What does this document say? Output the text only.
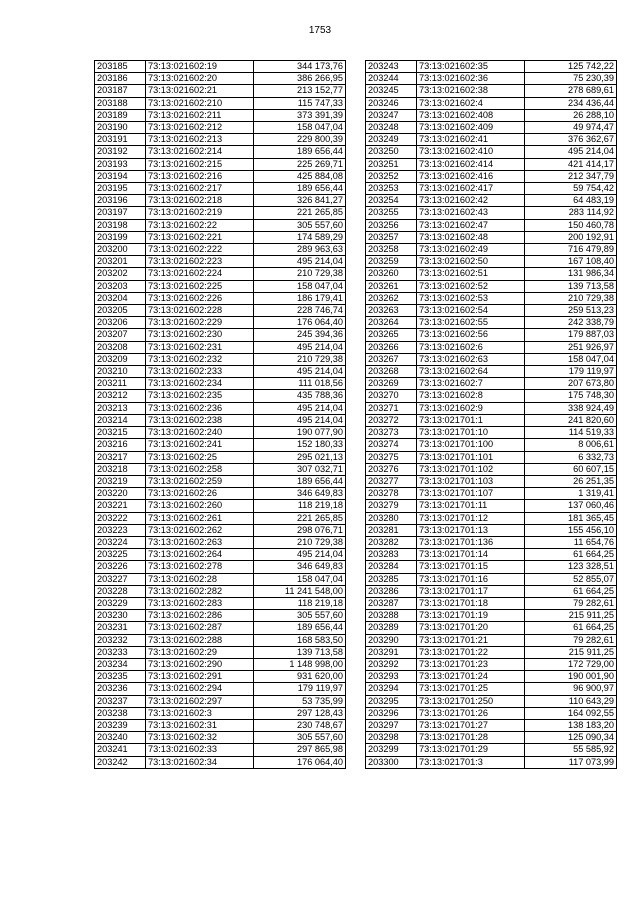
1753
203185	73:13:021602:19	344 173,76
203186	73:13:021602:20	386 266,95
203187	73:13:021602:21	213 152,77
203188	73:13:021602:210	115 747,33
203189	73:13:021602:211	373 391,39
203190	73:13:021602:212	158 047,04
203191	73:13:021602:213	229 800,39
203192	73:13:021602:214	189 656,44
203193	73:13:021602:215	225 269,71
203194	73:13:021602:216	425 884,08
203195	73:13:021602:217	189 656,44
203196	73:13:021602:218	326 841,27
203197	73:13:021602:219	221 265,85
203198	73:13:021602:22	305 557,60
203199	73:13:021602:221	174 589,29
203200	73:13:021602:222	289 963,63
203201	73:13:021602:223	495 214,04
203202	73:13:021602:224	210 729,38
203203	73:13:021602:225	158 047,04
203204	73:13:021602:226	186 179,41
203205	73:13:021602:228	228 746,74
203206	73:13:021602:229	176 064,40
203207	73:13:021602:230	245 394,36
203208	73:13:021602:231	495 214,04
203209	73:13:021602:232	210 729,38
203210	73:13:021602:233	495 214,04
203211	73:13:021602:234	111 018,56
203212	73:13:021602:235	435 788,36
203213	73:13:021602:236	495 214,04
203214	73:13:021602:238	495 214,04
203215	73:13:021602:240	190 077,90
203216	73:13:021602:241	152 180,33
203217	73:13:021602:25	295 021,13
203218	73:13:021602:258	307 032,71
203219	73:13:021602:259	189 656,44
203220	73:13:021602:26	346 649,83
203221	73:13:021602:260	118 219,18
203222	73:13:021602:261	221 265,85
203223	73:13:021602:262	298 076,71
203224	73:13:021602:263	210 729,38
203225	73:13:021602:264	495 214,04
203226	73:13:021602:278	346 649,83
203227	73:13:021602:28	158 047,04
203228	73:13:021602:282	11 241 548,00
203229	73:13:021602:283	118 219,18
203230	73:13:021602:286	305 557,60
203231	73:13:021602:287	189 656,44
203232	73:13:021602:288	168 583,50
203233	73:13:021602:29	139 713,58
203234	73:13:021602:290	1 148 998,00
203235	73:13:021602:291	931 620,00
203236	73:13:021602:294	179 119,97
203237	73:13:021602:297	53 735,99
203238	73:13:021602:3	297 128,43
203239	73:13:021602:31	230 748,67
203240	73:13:021602:32	305 557,60
203241	73:13:021602:33	297 865,98
203242	73:13:021602:34	176 064,40
203243	73:13:021602:35	125 742,22
203244	73:13:021602:36	75 230,39
203245	73:13:021602:38	278 689,61
203246	73:13:021602:4	234 436,44
203247	73:13:021602:408	26 288,10
203248	73:13:021602:409	49 974,47
203249	73:13:021602:41	376 362,67
203250	73:13:021602:410	495 214,04
203251	73:13:021602:414	421 414,17
203252	73:13:021602:416	212 347,79
203253	73:13:021602:417	59 754,42
203254	73:13:021602:42	64 483,19
203255	73:13:021602:43	283 114,92
203256	73:13:021602:47	150 460,78
203257	73:13:021602:48	200 192,91
203258	73:13:021602:49	716 479,89
203259	73:13:021602:50	167 108,40
203260	73:13:021602:51	131 986,34
203261	73:13:021602:52	139 713,58
203262	73:13:021602:53	210 729,38
203263	73:13:021602:54	259 513,23
203264	73:13:021602:55	242 338,79
203265	73:13:021602:56	179 887,03
203266	73:13:021602:6	251 926,97
203267	73:13:021602:63	158 047,04
203268	73:13:021602:64	179 119,97
203269	73:13:021602:7	207 673,80
203270	73:13:021602:8	175 748,30
203271	73:13:021602:9	338 924,49
203272	73:13:021701:1	241 820,60
203273	73:13:021701:10	114 519,33
203274	73:13:021701:100	8 006,61
203275	73:13:021701:101	6 332,73
203276	73:13:021701:102	60 607,15
203277	73:13:021701:103	26 251,35
203278	73:13:021701:107	1 319,41
203279	73:13:021701:11	137 060,46
203280	73:13:021701:12	181 365,45
203281	73:13:021701:13	155 456,10
203282	73:13:021701:136	11 654,76
203283	73:13:021701:14	61 664,25
203284	73:13:021701:15	123 328,51
203285	73:13:021701:16	52 855,07
203286	73:13:021701:17	61 664,25
203287	73:13:021701:18	79 282,61
203288	73:13:021701:19	215 911,25
203289	73:13:021701:20	61 664,25
203290	73:13:021701:21	79 282,61
203291	73:13:021701:22	215 911,25
203292	73:13:021701:23	172 729,00
203293	73:13:021701:24	190 001,90
203294	73:13:021701:25	96 900,97
203295	73:13:021701:250	110 643,29
203296	73:13:021701:26	164 092,55
203297	73:13:021701:27	138 183,20
203298	73:13:021701:28	125 090,34
203299	73:13:021701:29	55 585,92
203300	73:13:021701:3	117 073,99
